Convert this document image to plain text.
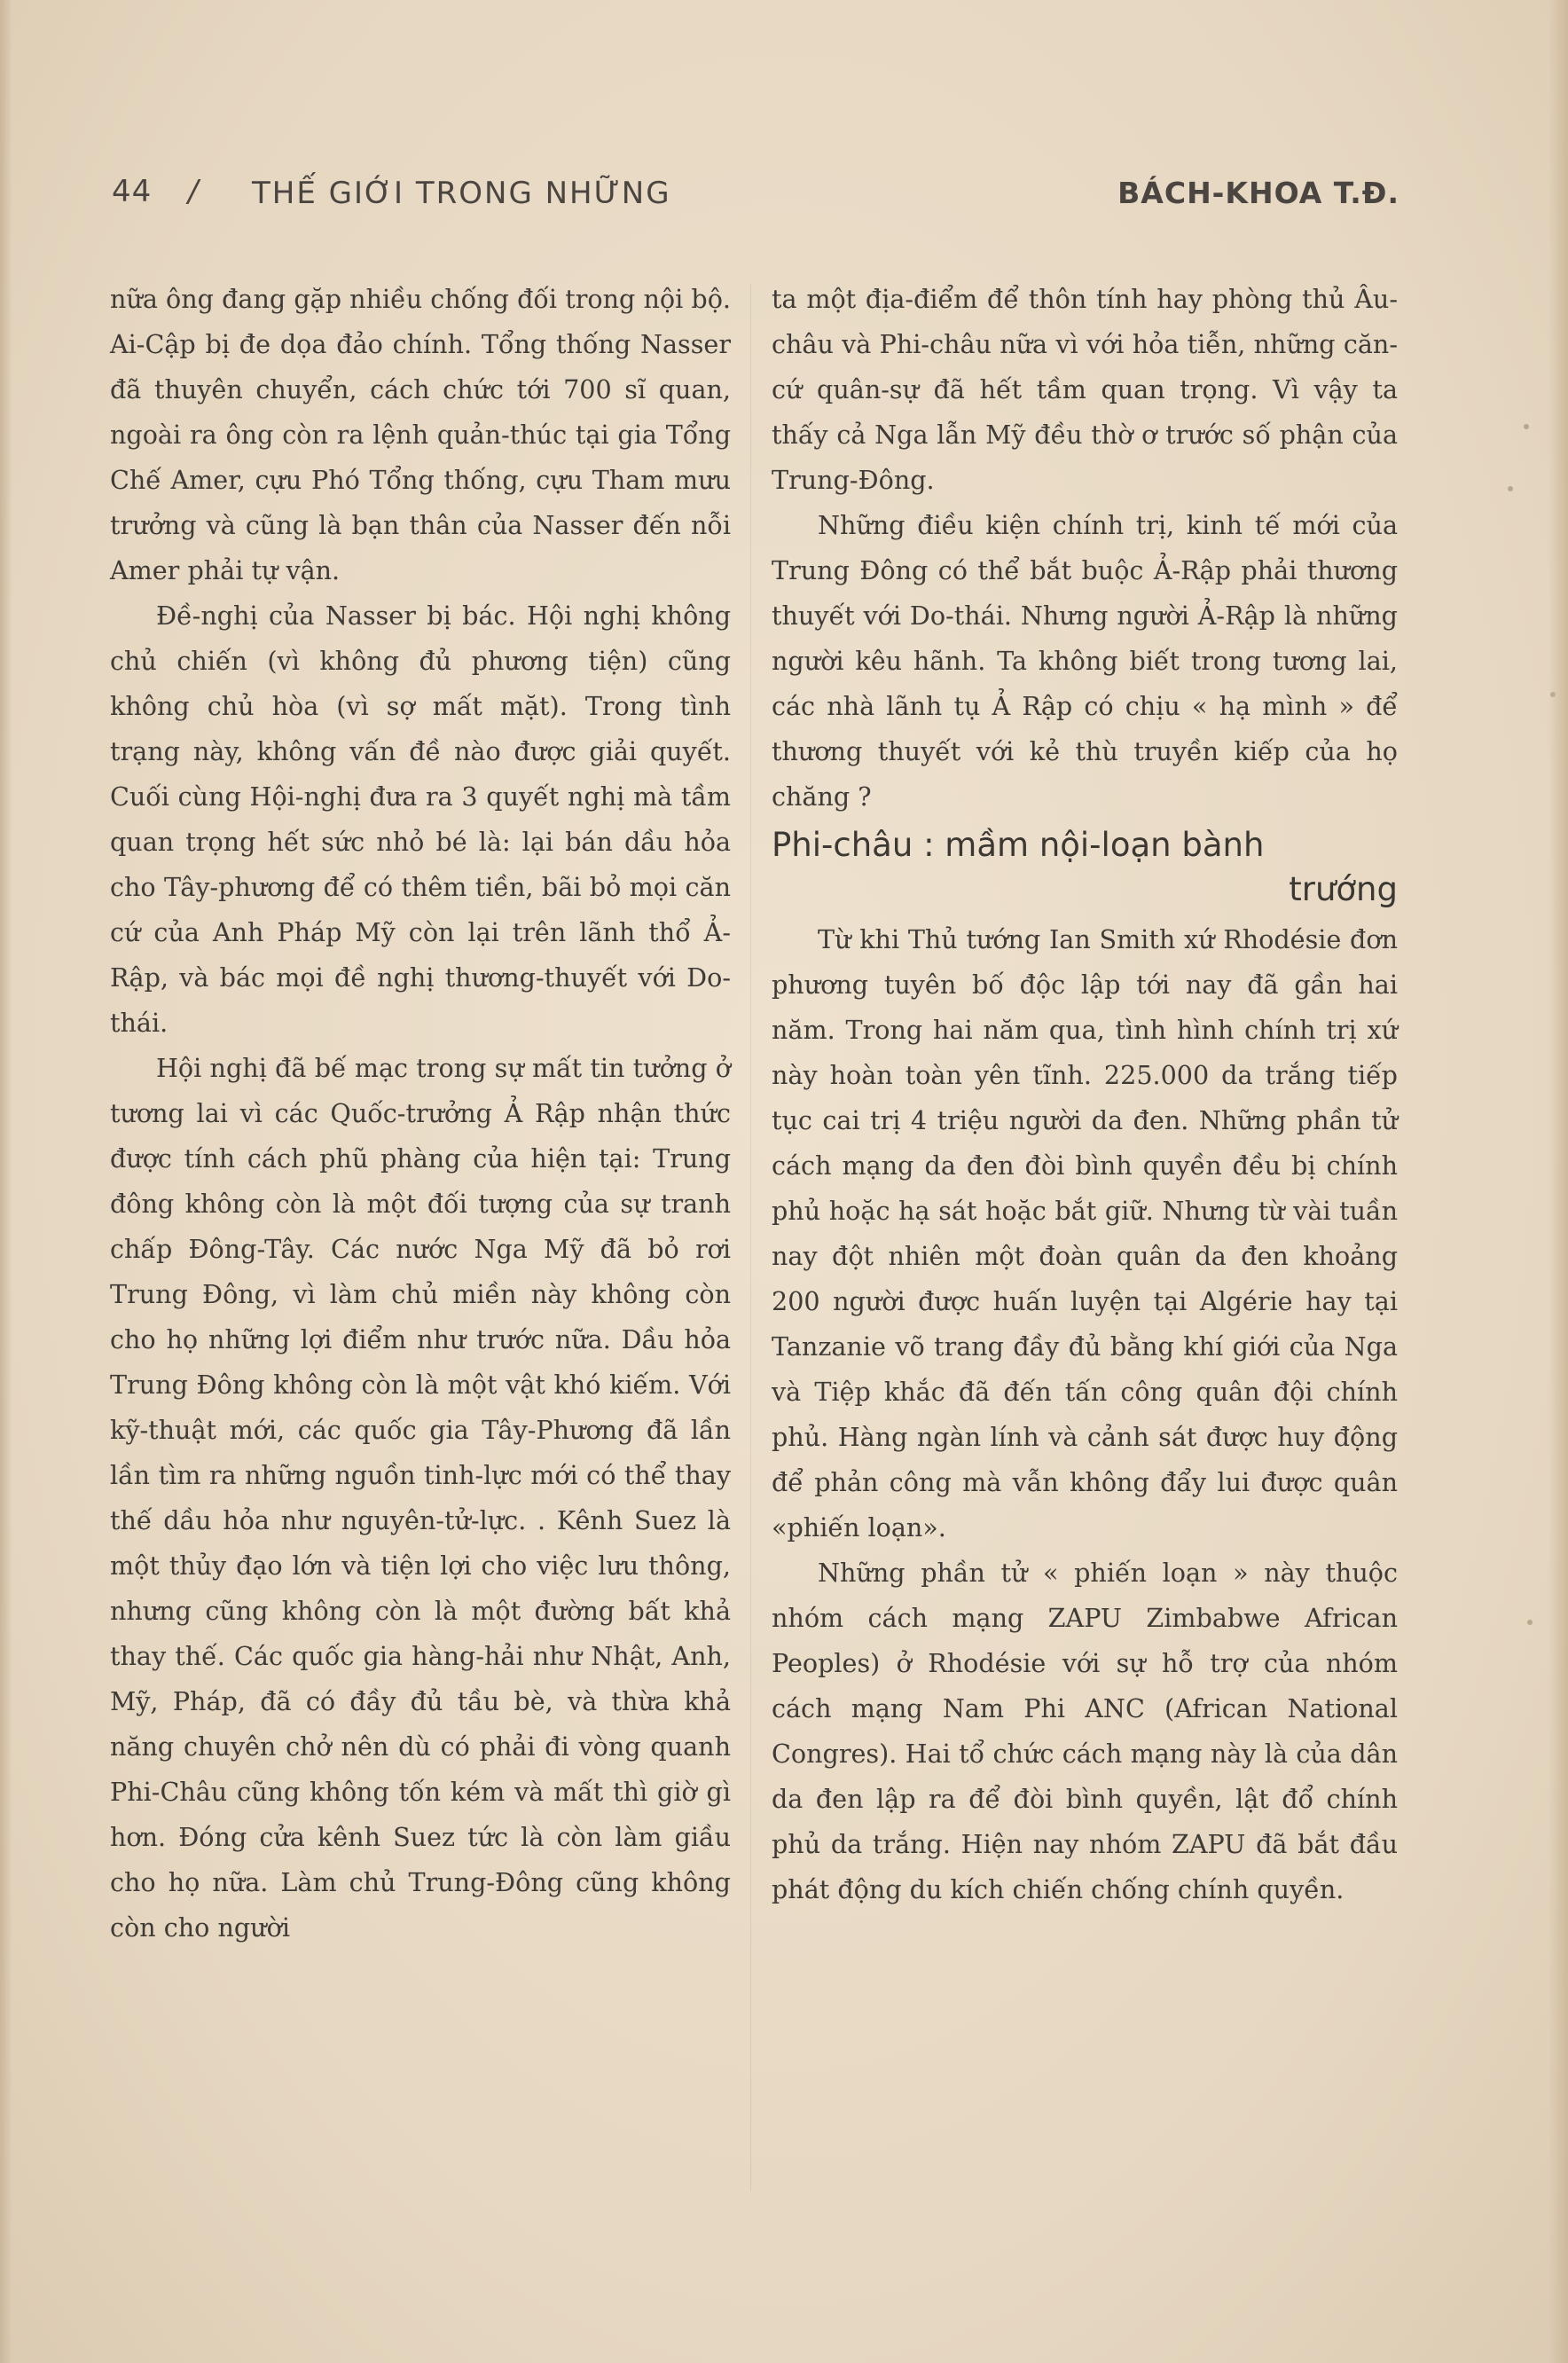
44 / THẾ GIỚI TRONG NHỮNG	BÁCH-KHOA T.Đ.

nữa ông đang gặp nhiều chống đối trong nội bộ. Ai-Cập bị đe dọa đảo chính. Tổng thống Nasser đã thuyên chuyển, cách chức tới 700 sĩ quan, ngoài ra ông còn ra lệnh quản-thúc tại gia Tổng Chế Amer, cựu Phó Tổng thống, cựu Tham mưu trưởng và cũng là bạn thân của Nasser đến nỗi Amer phải tự vận.

Đề-nghị của Nasser bị bác. Hội nghị không chủ chiến (vì không đủ phương tiện) cũng không chủ hòa (vì sợ mất mặt). Trong tình trạng này, không vấn đề nào được giải quyết. Cuối cùng Hội-nghị đưa ra 3 quyết nghị mà tầm quan trọng hết sức nhỏ bé là: lại bán dầu hỏa cho Tây-phương để có thêm tiền, bãi bỏ mọi căn cứ của Anh Pháp Mỹ còn lại trên lãnh thổ Ả-Rập, và bác mọi đề nghị thương-thuyết với Do-thái.

Hội nghị đã bế mạc trong sự mất tin tưởng ở tương lai vì các Quốc-trưởng Ả Rập nhận thức được tính cách phũ phàng của hiện tại: Trung đông không còn là một đối tượng của sự tranh chấp Đông-Tây. Các nước Nga Mỹ đã bỏ rơi Trung Đông, vì làm chủ miền này không còn cho họ những lợi điểm như trước nữa. Dầu hỏa Trung Đông không còn là một vật khó kiếm. Với kỹ-thuật mới, các quốc gia Tây-Phương đã lần lần tìm ra những nguồn tinh-lực mới có thể thay thế dầu hỏa như nguyên-tử-lực. . Kênh Suez là một thủy đạo lớn và tiện lợi cho việc lưu thông, nhưng cũng không còn là một đường bất khả thay thế. Các quốc gia hàng-hải như Nhật, Anh, Mỹ, Pháp, đã có đầy đủ tầu bè, và thừa khả năng chuyên chở nên dù có phải đi vòng quanh Phi-Châu cũng không tốn kém và mất thì giờ gì hơn. Đóng cửa kênh Suez tức là còn làm giầu cho họ nữa. Làm chủ Trung-Đông cũng không còn cho người

ta một địa-điểm để thôn tính hay phòng thủ Âu-châu và Phi-châu nữa vì với hỏa tiễn, những căn-cứ quân-sự đã hết tầm quan trọng. Vì vậy ta thấy cả Nga lẫn Mỹ đều thờ ơ trước số phận của Trung-Đông.

Những điều kiện chính trị, kinh tế mới của Trung Đông có thể bắt buộc Ả-Rập phải thương thuyết với Do-thái. Nhưng người Ả-Rập là những người kêu hãnh. Ta không biết trong tương lai, các nhà lãnh tụ Ả Rập có chịu « hạ mình » để thương thuyết với kẻ thù truyền kiếp của họ chăng ?

Phi-châu : mầm nội-loạn bành
trướng

Từ khi Thủ tướng Ian Smith xứ Rhodésie đơn phương tuyên bố độc lập tới nay đã gần hai năm. Trong hai năm qua, tình hình chính trị xứ này hoàn toàn yên tĩnh. 225.000 da trắng tiếp tục cai trị 4 triệu người da đen. Những phần tử cách mạng da đen đòi bình quyền đều bị chính phủ hoặc hạ sát hoặc bắt giữ. Nhưng từ vài tuần nay đột nhiên một đoàn quân da đen khoảng 200 người được huấn luyện tại Algérie hay tại Tanzanie võ trang đầy đủ bằng khí giới của Nga và Tiệp khắc đã đến tấn công quân đội chính phủ. Hàng ngàn lính và cảnh sát được huy động để phản công mà vẫn không đẩy lui được quân «phiến loạn».

Những phần tử « phiến loạn » này thuộc nhóm cách mạng ZAPU Zimbabwe African Peoples) ở Rhodésie với sự hỗ trợ của nhóm cách mạng Nam Phi ANC (African National Congres). Hai tổ chức cách mạng này là của dân da đen lập ra để đòi bình quyền, lật đổ chính phủ da trắng. Hiện nay nhóm ZAPU đã bắt đầu phát động du kích chiến chống chính quyền.
